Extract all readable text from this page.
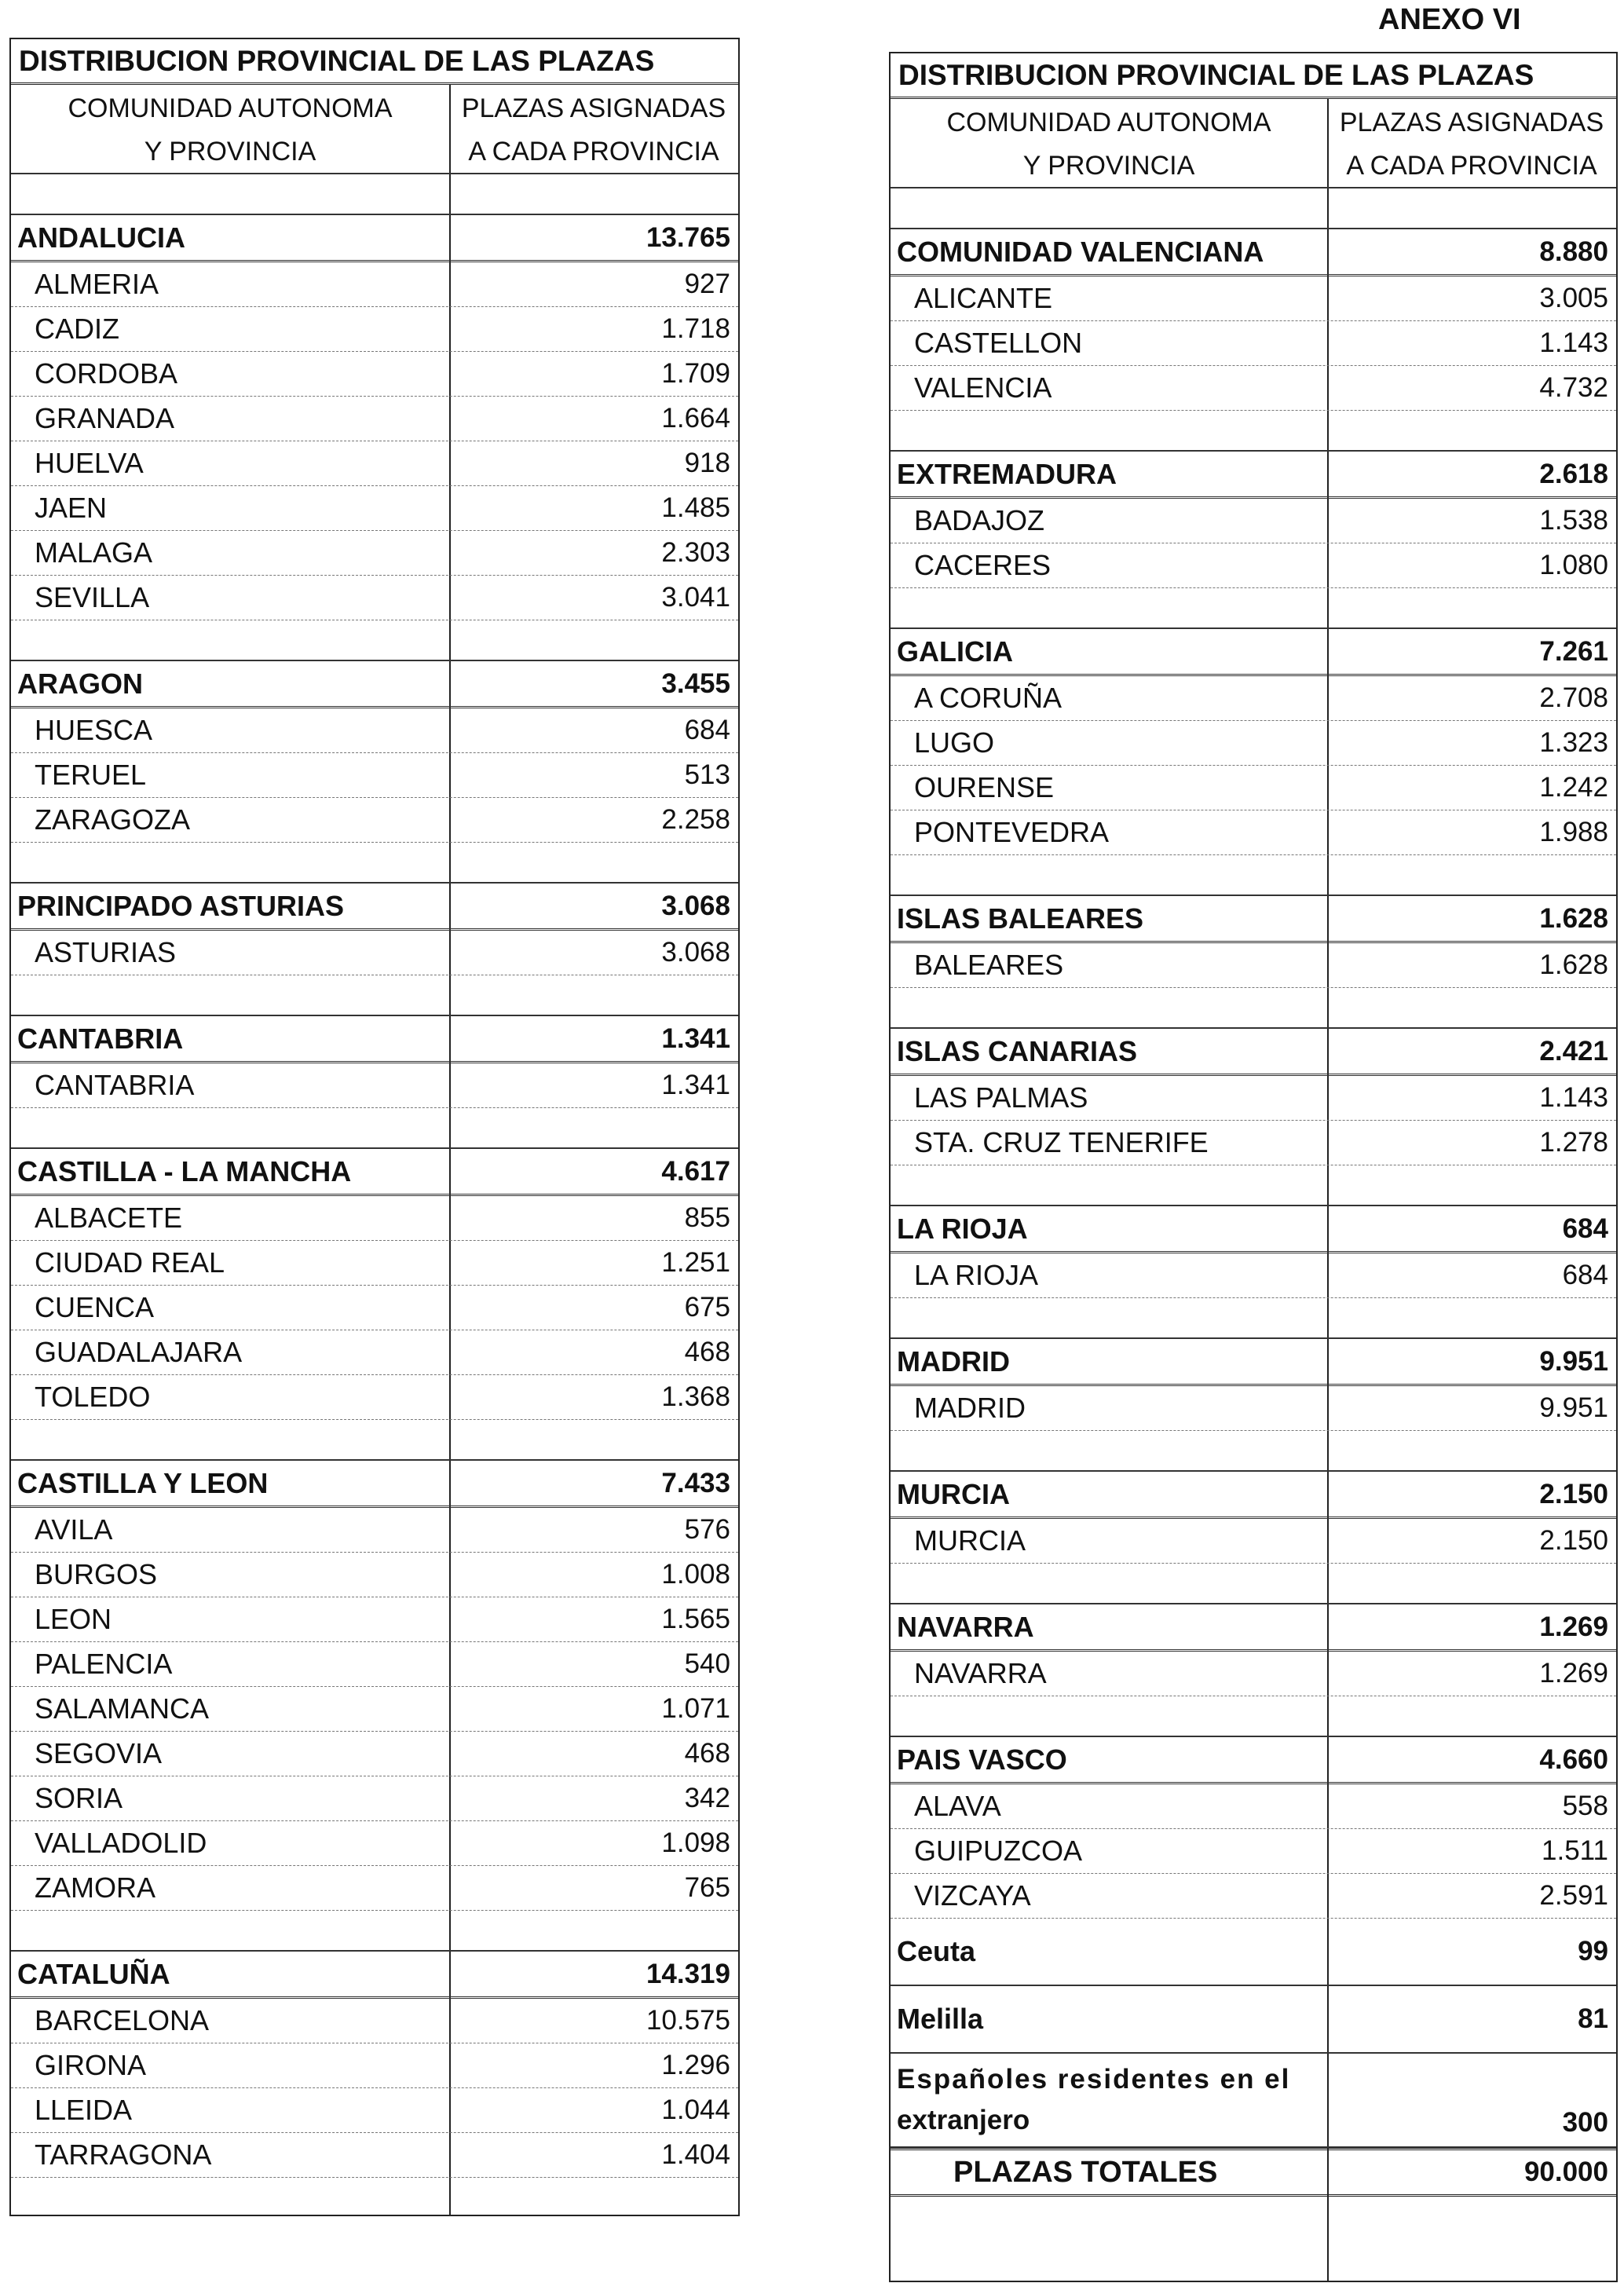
ANEXO VI
DISTRIBUCION PROVINCIAL DE LAS PLAZAS
COMUNIDAD AUTONOMA	PLAZAS ASIGNADAS
Y PROVINCIA	A CADA PROVINCIA
ANDALUCIA	13.765
ALMERIA	927
CADIZ	1.718
CORDOBA	1.709
GRANADA	1.664
HUELVA	918
JAEN	1.485
MALAGA	2.303
SEVILLA	3.041
ARAGON	3.455
HUESCA	684
TERUEL	513
ZARAGOZA	2.258
PRINCIPADO ASTURIAS	3.068
ASTURIAS	3.068
CANTABRIA	1.341
CANTABRIA	1.341
CASTILLA - LA MANCHA	4.617
ALBACETE	855
CIUDAD REAL	1.251
CUENCA	675
GUADALAJARA	468
TOLEDO	1.368
CASTILLA Y LEON	7.433
AVILA	576
BURGOS	1.008
LEON	1.565
PALENCIA	540
SALAMANCA	1.071
SEGOVIA	468
SORIA	342
VALLADOLID	1.098
ZAMORA	765
CATALUÑA	14.319
BARCELONA	10.575
GIRONA	1.296
LLEIDA	1.044
TARRAGONA	1.404
DISTRIBUCION PROVINCIAL DE LAS PLAZAS
COMUNIDAD AUTONOMA	PLAZAS ASIGNADAS
Y PROVINCIA	A CADA PROVINCIA
COMUNIDAD VALENCIANA	8.880
ALICANTE	3.005
CASTELLON	1.143
VALENCIA	4.732
EXTREMADURA	2.618
BADAJOZ	1.538
CACERES	1.080
GALICIA	7.261
A CORUÑA	2.708
LUGO	1.323
OURENSE	1.242
PONTEVEDRA	1.988
ISLAS BALEARES	1.628
BALEARES	1.628
ISLAS CANARIAS	2.421
LAS PALMAS	1.143
STA. CRUZ TENERIFE	1.278
LA RIOJA	684
LA RIOJA	684
MADRID	9.951
MADRID	9.951
MURCIA	2.150
MURCIA	2.150
NAVARRA	1.269
NAVARRA	1.269
PAIS VASCO	4.660
ALAVA	558
GUIPUZCOA	1.511
VIZCAYA	2.591
Ceuta	99
Melilla	81
Españoles residentes en el
extranjero	300
PLAZAS TOTALES	90.000
